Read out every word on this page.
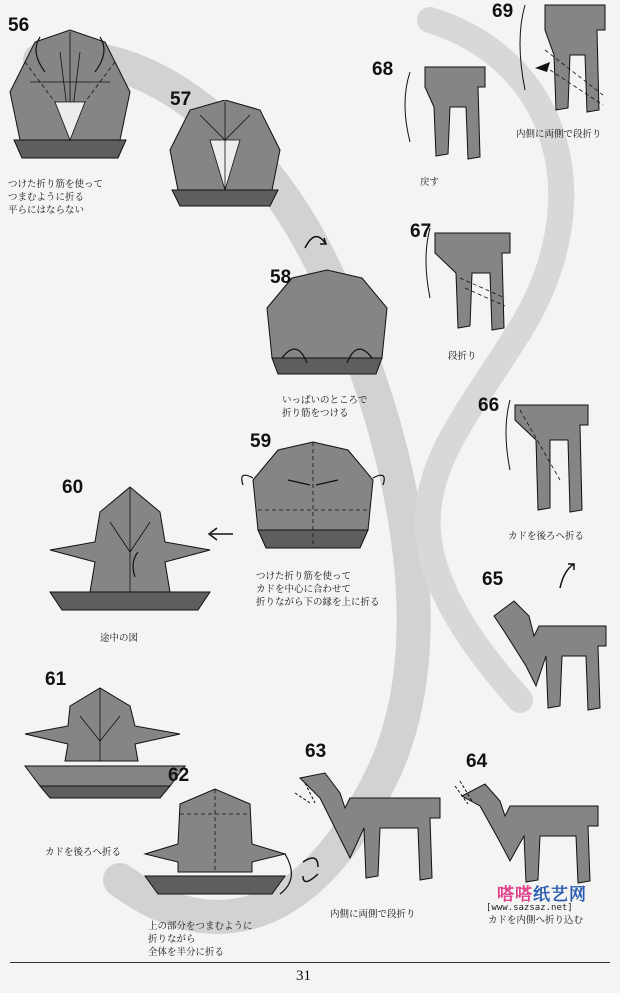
56
つけた折り筋を使って
つまむように折る
平らにはならない
57
58
いっぱいのところで
折り筋をつける
59
つけた折り筋を使って
カドを中心に合わせて
折りながら下の縁を上に折る
60
途中の図
61
カドを後ろへ折る
62
上の部分をつまむように
折りながら
全体を半分に折る
63
内側に両側で段折り
64
カドを内側へ折り込む
65
66
カドを後ろへ折る
67
段折り
68
戻す
69
内側に両側で段折り
嗒嗒纸艺网
[www.sazsaz.net]
31
